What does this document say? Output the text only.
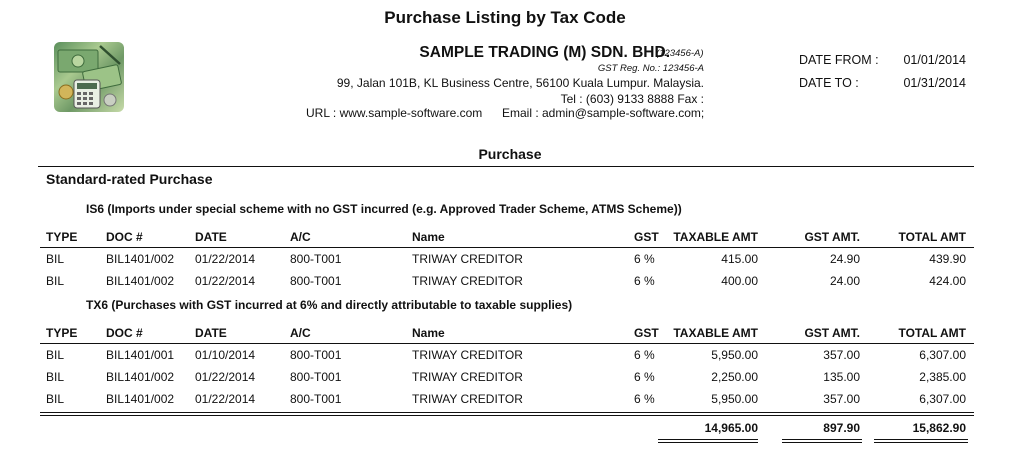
Purchase Listing by Tax Code
SAMPLE TRADING (M) SDN. BHD.
(123456-A)
GST Reg. No.: 123456-A
99, Jalan 101B, KL Business Centre, 56100 Kuala Lumpur. Malaysia.
Tel : (603) 9133 8888 Fax :
URL : www.sample-software.com Email : admin@sample-software.com;
DATE FROM :	01/01/2014
DATE TO :	01/31/2014
Purchase
Standard-rated Purchase
IS6 (Imports under special scheme with no GST incurred (e.g. Approved Trader Scheme, ATMS Scheme))
TYPE DOC #	DATE	A/C	Name	GST TAXABLE AMT	GST AMT.	TOTAL AMT
BIL	BIL1401/002 01/22/2014	800-T001	TRIWAY CREDITOR	6 %	415.00	24.90	439.90
BIL	BIL1401/002 01/22/2014	800-T001	TRIWAY CREDITOR	6 %	400.00	24.00	424.00
TX6 (Purchases with GST incurred at 6% and directly attributable to taxable supplies)
TYPE DOC #	DATE	A/C	Name	GST TAXABLE AMT	GST AMT.	TOTAL AMT
BIL	BIL1401/001 01/10/2014	800-T001	TRIWAY CREDITOR	6 %	5,950.00	357.00	6,307.00
BIL	BIL1401/002 01/22/2014	800-T001	TRIWAY CREDITOR	6 %	2,250.00	135.00	2,385.00
BIL	BIL1401/002 01/22/2014	800-T001	TRIWAY CREDITOR	6 %	5,950.00	357.00	6,307.00
14,965.00	897.90	15,862.90
